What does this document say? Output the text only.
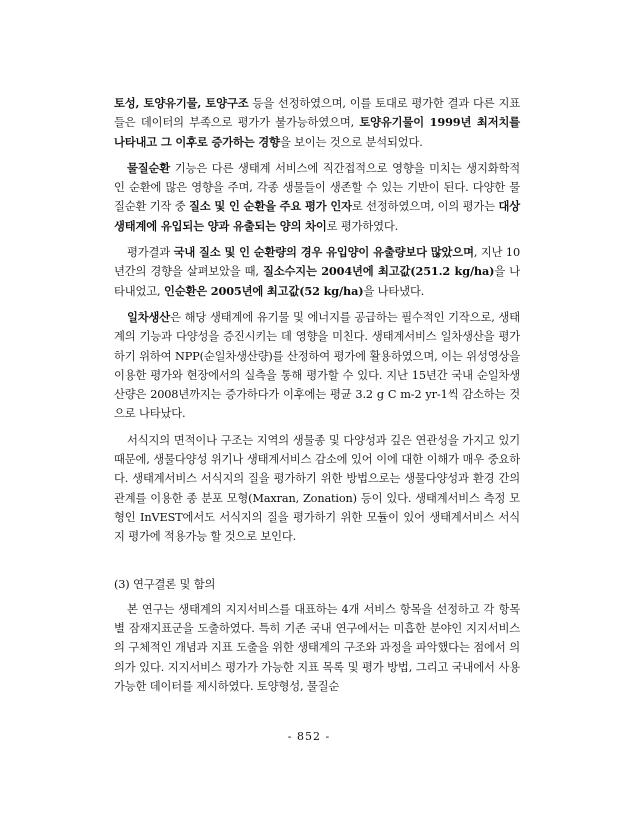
토성, 토양유기물, 토양구조 등을 선정하였으며, 이를 토대로 평가한 결과 다른 지표들은 데이터의 부족으로 평가가 불가능하였으며, 토양유기물이 1999년 최저치를 나타내고 그 이후로 증가하는 경향을 보이는 것으로 분석되었다.

물질순환 기능은 다른 생태계 서비스에 직간접적으로 영향을 미치는 생지화학적인 순환에 많은 영향을 주며, 각종 생물들이 생존할 수 있는 기반이 된다. 다양한 물질순환 기작 중 질소 및 인 순환을 주요 평가 인자로 선정하였으며, 이의 평가는 대상 생태계에 유입되는 양과 유출되는 양의 차이로 평가하였다.

평가결과 국내 질소 및 인 순환량의 경우 유입양이 유출량보다 많았으며, 지난 10년간의 경향을 살펴보았을 때, 질소수지는 2004년에 최고값(251.2 kg/ha)을 나타내었고, 인순환은 2005년에 최고값(52 kg/ha)을 나타냈다.

일차생산은 해당 생태계에 유기물 및 에너지를 공급하는 필수적인 기작으로, 생태계의 기능과 다양성을 증진시키는 데 영향을 미친다. 생태계서비스 일차생산을 평가하기 위하여 NPP(순일차생산량)를 산정하여 평가에 활용하였으며, 이는 위성영상을 이용한 평가와 현장에서의 실측을 통해 평가할 수 있다. 지난 15년간 국내 순일차생산량은 2008년까지는 증가하다가 이후에는 평균 3.2 g C m-2 yr-1씩 감소하는 것으로 나타났다.

서식지의 면적이나 구조는 지역의 생물종 및 다양성과 깊은 연관성을 가지고 있기 때문에, 생물다양성 위기나 생태계서비스 감소에 있어 이에 대한 이해가 매우 중요하다. 생태계서비스 서식지의 질을 평가하기 위한 방법으로는 생물다양성과 환경 간의 관계를 이용한 종 분포 모형(Maxran, Zonation) 등이 있다. 생태계서비스 측정 모형인 InVEST에서도 서식지의 질을 평가하기 위한 모듈이 있어 생태계서비스 서식지 평가에 적용가능 할 것으로 보인다.

(3) 연구결론 및 함의

본 연구는 생태계의 지지서비스를 대표하는 4개 서비스 항목을 선정하고 각 항목별 잠재지표군을 도출하였다. 특히 기존 국내 연구에서는 미흡한 분야인 지지서비스의 구체적인 개념과 지표 도출을 위한 생태계의 구조와 과정을 파악했다는 점에서 의의가 있다. 지지서비스 평가가 가능한 지표 목록 및 평가 방법, 그리고 국내에서 사용 가능한 데이터를 제시하였다. 토양형성, 물질순

- 852 -
